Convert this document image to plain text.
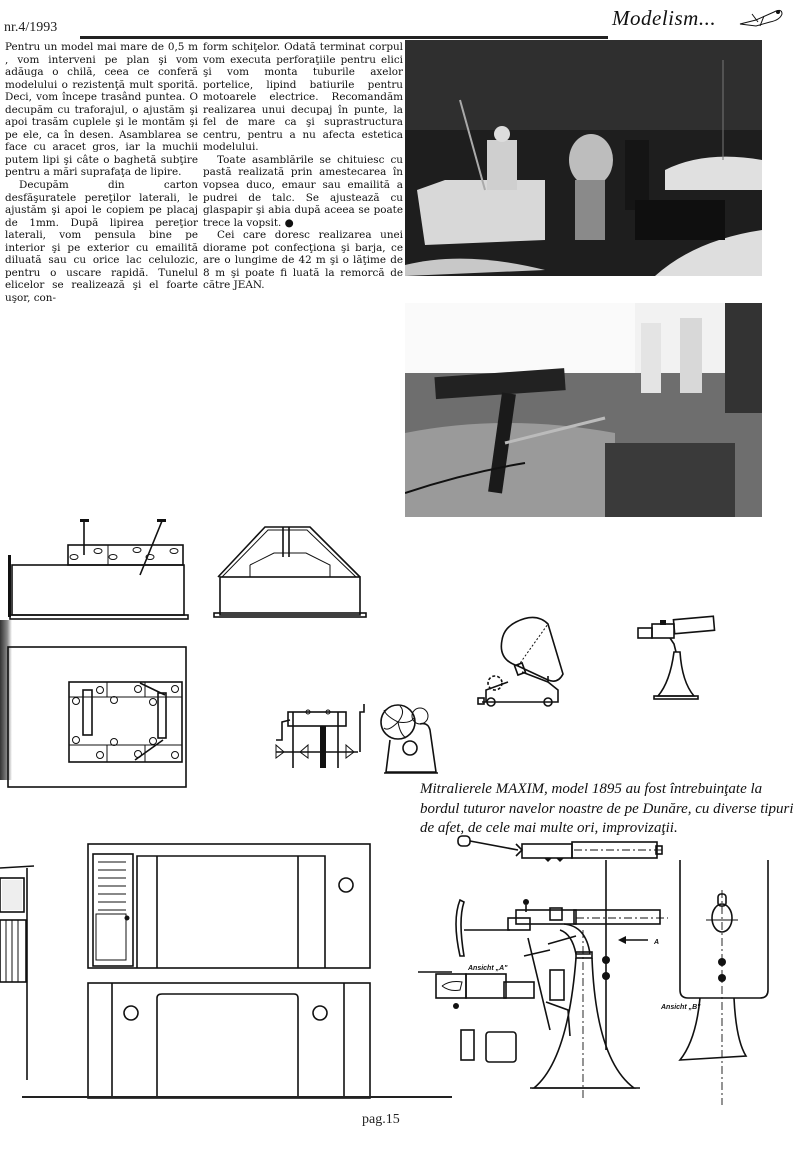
nr.4/1993	Modelism...

Pentru un model mai mare de 0,5 m , vom interveni pe plan şi vom adăuga o chilă, ceea ce conferă modelului o rezistenţă mult sporită. Deci, vom începe trasând puntea. O decupăm cu traforajul, o ajustăm şi apoi trasăm cuplele şi le montăm şi pe ele, ca în desen. Asamblarea se face cu aracet gros, iar la muchii putem lipi şi câte o baghetă subţire pentru a mări suprafaţa de lipire.

Decupăm din carton desfăşuratele pereţilor laterali, le ajustăm şi apoi le copiem pe placaj de 1mm. După lipirea pereţior laterali, vom pensula bine pe interior şi pe exterior cu emailită diluată sau cu orice lac celulozic, pentru o uscare rapidă. Tunelul elicelor se realizează şi el foarte uşor, con-

form schiţelor. Odată terminat corpul vom executa perforaţiile pentru elici şi vom monta tuburile axelor portelice, lipind batiurile pentru motoarele electrice. Recomandăm realizarea unui decupaj în punte, la fel de mare ca şi suprastructura centru, pentru a nu afecta estetica modelului.

Toate asamblările se chituiesc cu pastă realizată prin amestecarea în vopsea duco, emaur sau emailită a pudrei de talc. Se ajustează cu glaspapir şi abia după aceea se poate trece la vopsit. ●

Cei care doresc realizarea unei diorame pot confecţiona şi barja, ce are o lungime de 42 m şi o lăţime de 8 m şi poate fi luată la remorcă de către JEAN.

Mitralierele MAXIM, model 1895 au fost întrebuinţate la bordul tuturor navelor noastre de pe Dunăre, cu diverse tipuri de afet, de cele mai multe ori, improvizaţii.
A
Ansicht „A"
Ansicht „B"
pag.15
